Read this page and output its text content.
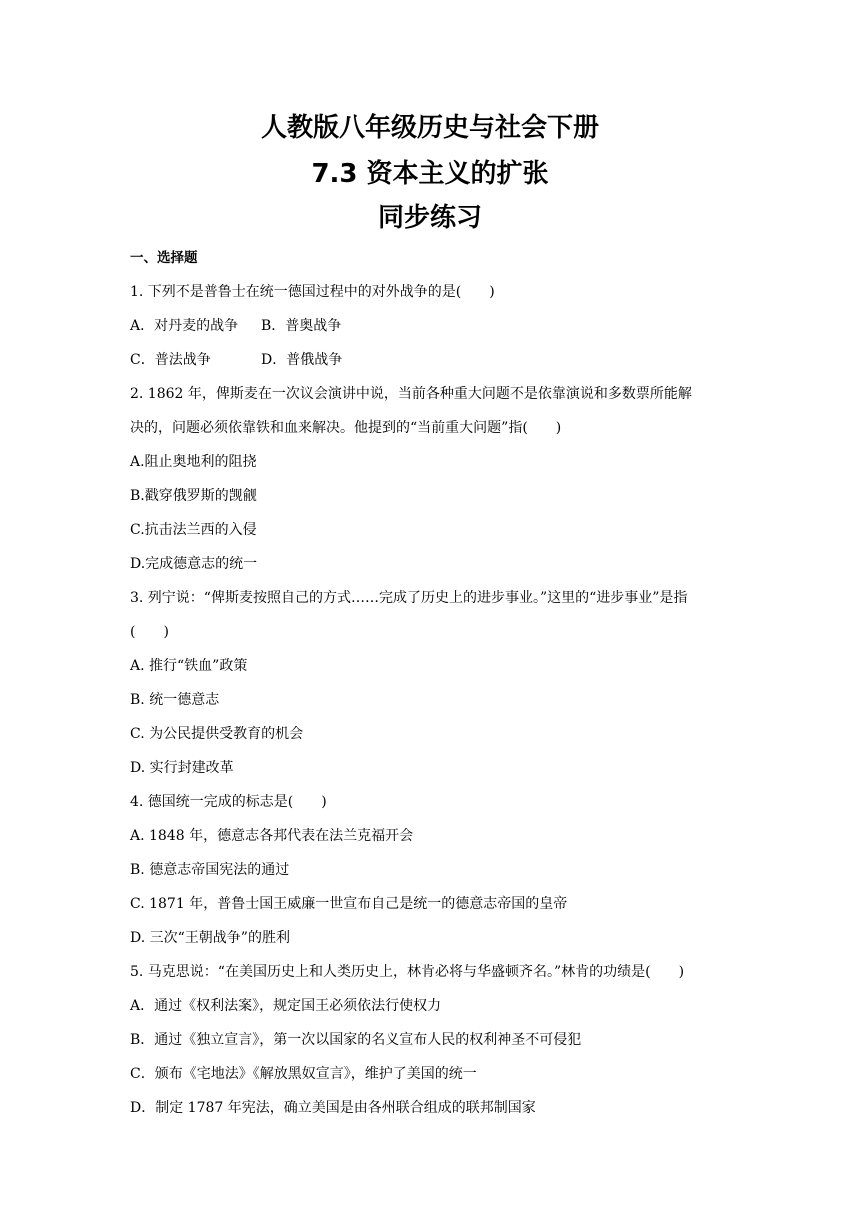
人教版八年级历史与社会下册
7.3 资本主义的扩张
同步练习
一、选择题
1. 下列不是普鲁士在统一德国过程中的对外战争的是(　　)
A．对丹麦的战争 B．普奥战争
C．普法战争	D．普俄战争
2. 1862 年，俾斯麦在一次议会演讲中说，当前各种重大问题不是依靠演说和多数票所能解
决的，问题必须依靠铁和血来解决。他提到的“当前重大问题”指(　　)
A.阻止奥地利的阻挠
B.戳穿俄罗斯的觊觎
C.抗击法兰西的入侵
D.完成德意志的统一
3. 列宁说：“俾斯麦按照自己的方式……完成了历史上的进步事业。”这里的“进步事业”是指
(　　)
A. 推行“铁血”政策
B. 统一德意志
C. 为公民提供受教育的机会
D. 实行封建改革
4. 德国统一完成的标志是(　　)
A. 1848 年，德意志各邦代表在法兰克福开会
B. 德意志帝国宪法的通过
C. 1871 年，普鲁士国王威廉一世宣布自己是统一的德意志帝国的皇帝
D. 三次“王朝战争”的胜利
5. 马克思说：“在美国历史上和人类历史上，林肯必将与华盛顿齐名。”林肯的功绩是(　　)
A．通过《权利法案》，规定国王必须依法行使权力
B．通过《独立宣言》，第一次以国家的名义宣布人民的权利神圣不可侵犯
C．颁布《宅地法》《解放黑奴宣言》，维护了美国的统一
D．制定 1787 年宪法，确立美国是由各州联合组成的联邦制国家
